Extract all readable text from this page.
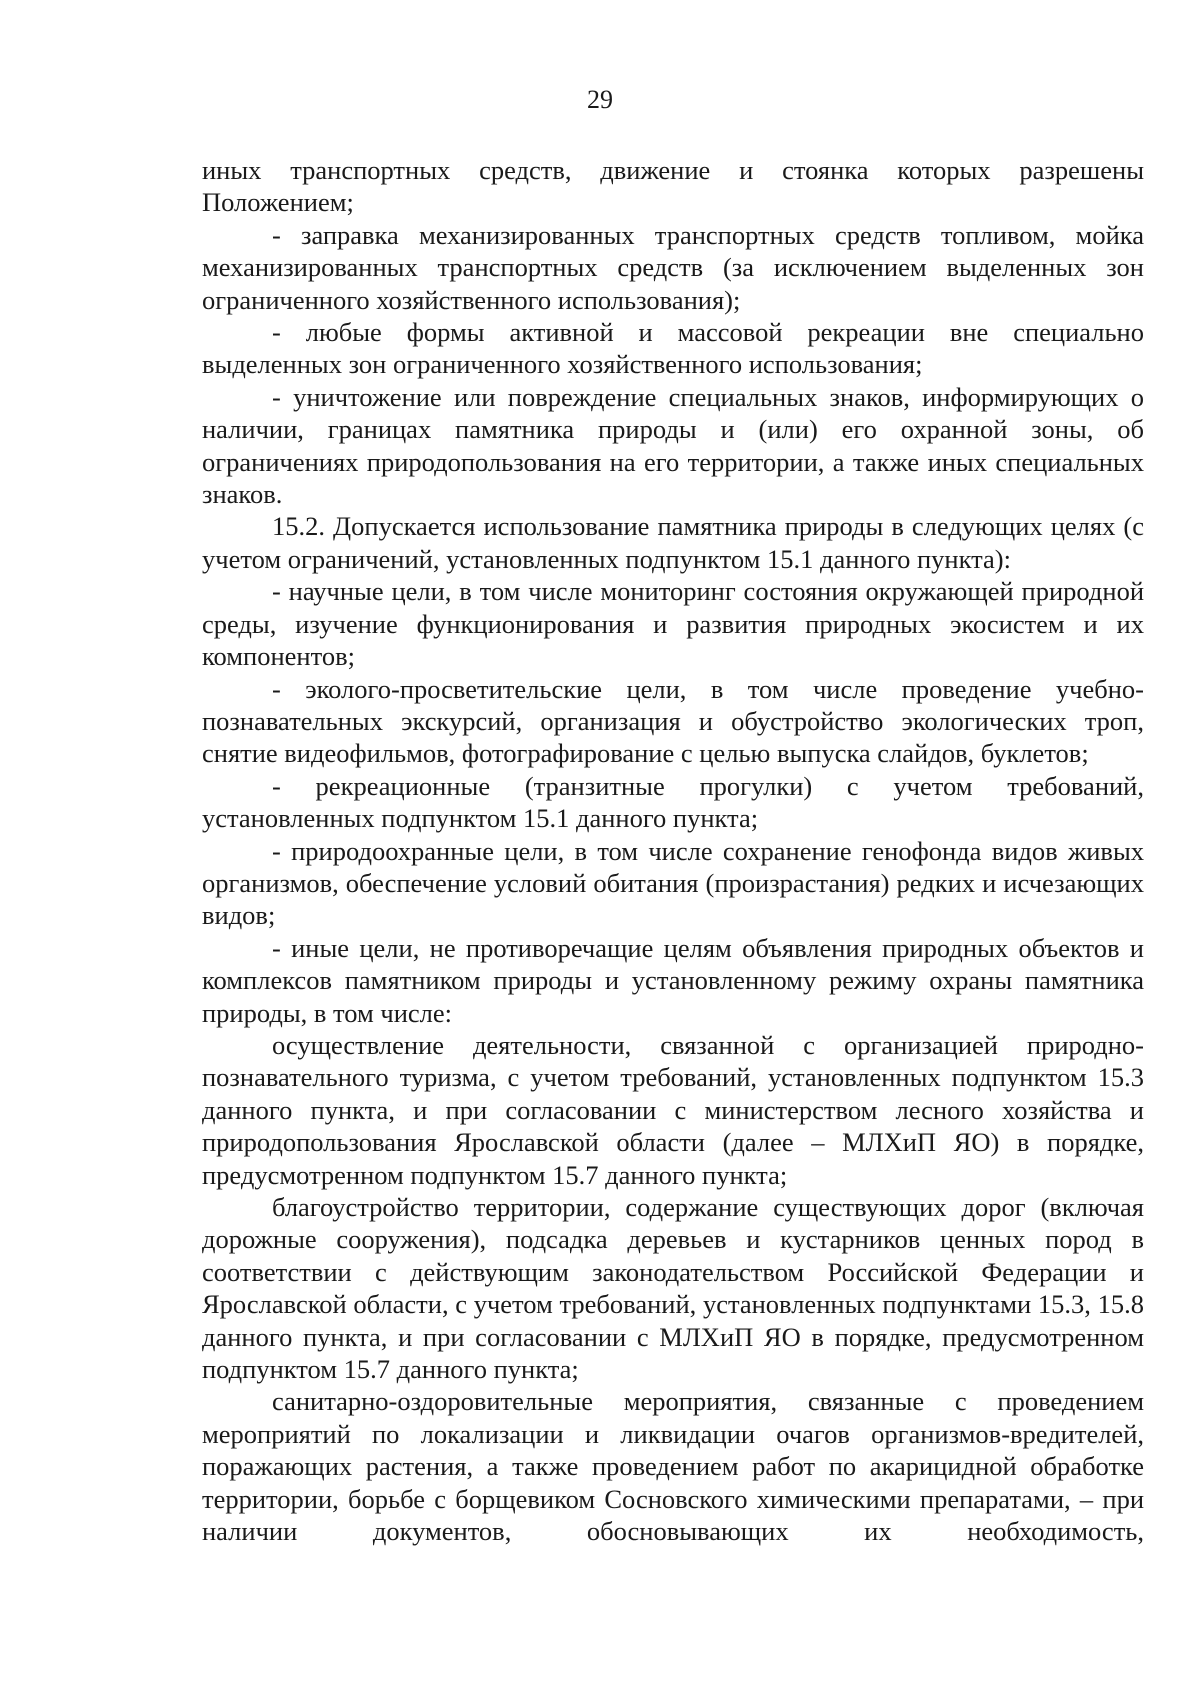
29

иных транспортных средств, движение и стоянка которых разрешены Положением;

- заправка механизированных транспортных средств топливом, мойка механизированных транспортных средств (за исключением выделенных зон ограниченного хозяйственного использования);

- любые формы активной и массовой рекреации вне специально выделенных зон ограниченного хозяйственного использования;

- уничтожение или повреждение специальных знаков, информирующих о наличии, границах памятника природы и (или) его охранной зоны, об ограничениях природопользования на его территории, а также иных специальных знаков.

15.2. Допускается использование памятника природы в следующих целях (с учетом ограничений, установленных подпунктом 15.1 данного пункта):

- научные цели, в том числе мониторинг состояния окружающей природной среды, изучение функционирования и развития природных экосистем и их компонентов;

- эколого-просветительские цели, в том числе проведение учебно-познавательных экскурсий, организация и обустройство экологических троп, снятие видеофильмов, фотографирование с целью выпуска слайдов, буклетов;

- рекреационные (транзитные прогулки) с учетом требований, установленных подпунктом 15.1 данного пункта;

- природоохранные цели, в том числе сохранение генофонда видов живых организмов, обеспечение условий обитания (произрастания) редких и исчезающих видов;

- иные цели, не противоречащие целям объявления природных объектов и комплексов памятником природы и установленному режиму охраны памятника природы, в том числе:

осуществление деятельности, связанной с организацией природно-познавательного туризма, с учетом требований, установленных подпунктом 15.3 данного пункта, и при согласовании с министерством лесного хозяйства и природопользования Ярославской области (далее – МЛХиП ЯО) в порядке, предусмотренном подпунктом 15.7 данного пункта;

благоустройство территории, содержание существующих дорог (включая дорожные сооружения), подсадка деревьев и кустарников ценных пород в соответствии с действующим законодательством Российской Федерации и Ярославской области, с учетом требований, установленных подпунктами 15.3, 15.8 данного пункта, и при согласовании с МЛХиП ЯО в порядке, предусмотренном подпунктом 15.7 данного пункта;

санитарно-оздоровительные мероприятия, связанные с проведением мероприятий по локализации и ликвидации очагов организмов-вредителей, поражающих растения, а также проведением работ по акарицидной обработке территории, борьбе с борщевиком Сосновского химическими препаратами, – при наличии документов, обосновывающих их необходимость,
